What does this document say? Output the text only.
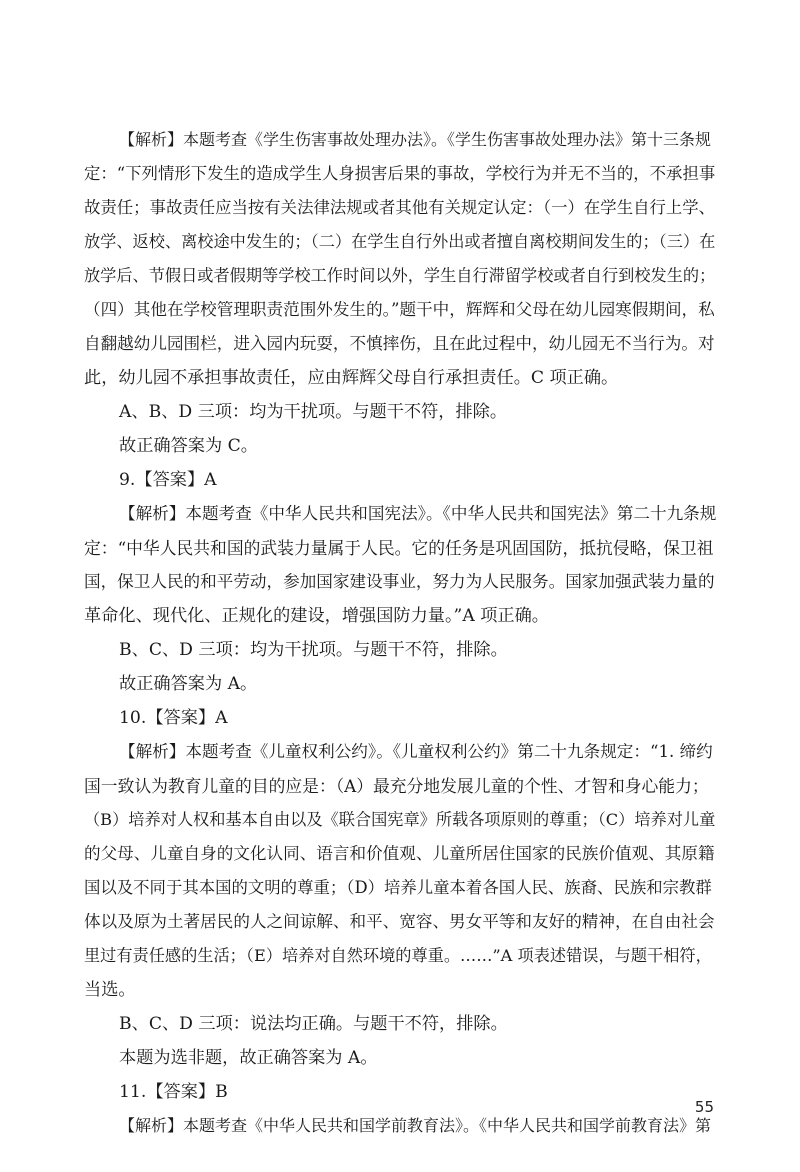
【解析】本题考查《学生伤害事故处理办法》。《学生伤害事故处理办法》第十三条规
定：“下列情形下发生的造成学生人身损害后果的事故，学校行为并无不当的，不承担事
故责任；事故责任应当按有关法律法规或者其他有关规定认定：（一）在学生自行上学、
放学、返校、离校途中发生的；（二）在学生自行外出或者擅自离校期间发生的；（三）在
放学后、节假日或者假期等学校工作时间以外，学生自行滞留学校或者自行到校发生的；
（四）其他在学校管理职责范围外发生的。”题干中，辉辉和父母在幼儿园寒假期间，私
自翻越幼儿园围栏，进入园内玩耍，不慎摔伤，且在此过程中，幼儿园无不当行为。对
此，幼儿园不承担事故责任，应由辉辉父母自行承担责任。C 项正确。
A、B、D 三项：均为干扰项。与题干不符，排除。
故正确答案为 C。
9.【答案】A
【解析】本题考查《中华人民共和国宪法》。《中华人民共和国宪法》第二十九条规
定：“中华人民共和国的武装力量属于人民。它的任务是巩固国防，抵抗侵略，保卫祖
国，保卫人民的和平劳动，参加国家建设事业，努力为人民服务。国家加强武装力量的
革命化、现代化、正规化的建设，增强国防力量。”A 项正确。
B、C、D 三项：均为干扰项。与题干不符，排除。
故正确答案为 A。
10.【答案】A
【解析】本题考查《儿童权利公约》。《儿童权利公约》第二十九条规定：“1. 缔约
国一致认为教育儿童的目的应是：（A）最充分地发展儿童的个性、才智和身心能力；
（B）培养对人权和基本自由以及《联合国宪章》所载各项原则的尊重；（C）培养对儿童
的父母、儿童自身的文化认同、语言和价值观、儿童所居住国家的民族价值观、其原籍
国以及不同于其本国的文明的尊重；（D）培养儿童本着各国人民、族裔、民族和宗教群
体以及原为土著居民的人之间谅解、和平、宽容、男女平等和友好的精神，在自由社会
里过有责任感的生活；（E）培养对自然环境的尊重。……”A 项表述错误，与题干相符，
当选。
B、C、D 三项：说法均正确。与题干不符，排除。
本题为选非题，故正确答案为 A。
11.【答案】B
【解析】本题考查《中华人民共和国学前教育法》。《中华人民共和国学前教育法》第
55
